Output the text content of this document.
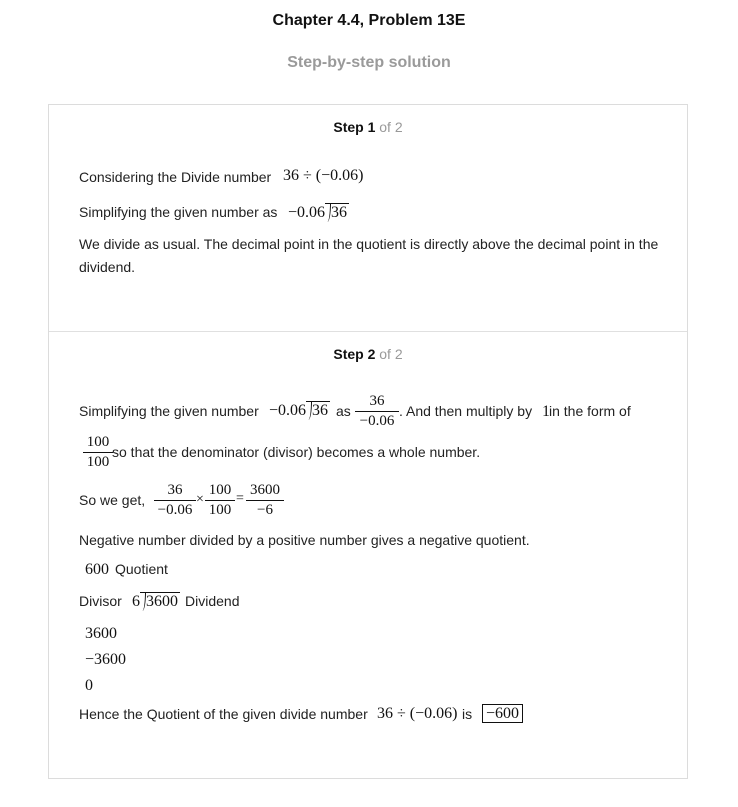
Chapter 4.4, Problem 13E
Step-by-step solution
Step 1 of 2
Considering the Divide number 36 ÷ (−0.06)
Simplifying the given number as −0.06 36
We divide as usual. The decimal point in the quotient is directly above the decimal point in the dividend.
Step 2 of 2
Simplifying the given number −0.06 36 as
36
−0.06
. And then multiply by 1 in the form of
100
100
so that the denominator (divisor) becomes a whole number.
So we get,
36
−0.06
×
100
100
=
3600
−6
Negative number divided by a positive number gives a negative quotient.
600 Quotient
Divisor 6 3600 Dividend
3600
−3600
0
Hence the Quotient of the given divide number 36 ÷ (−0.06) is −600
